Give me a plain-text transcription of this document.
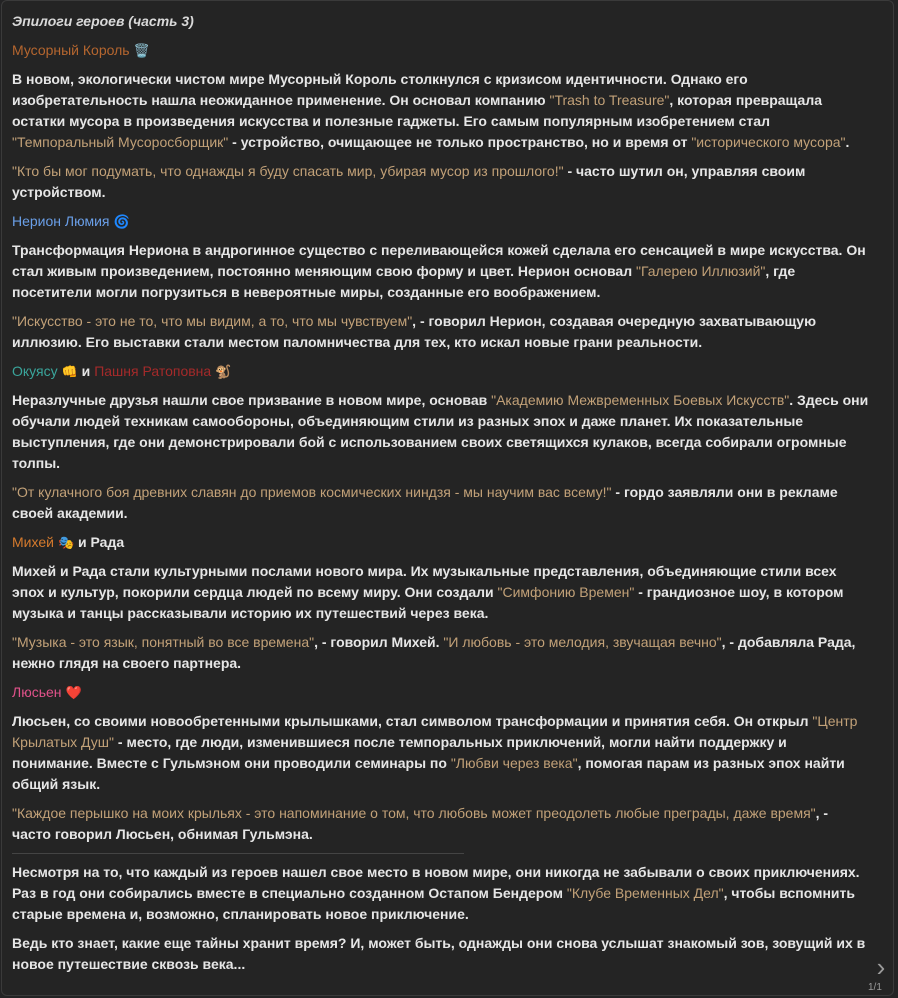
Эпилоги героев (часть 3)
Мусорный Король 🗑️

В новом, экологически чистом мире Мусорный Король столкнулся с кризисом идентичности. Однако его изобретательность нашла неожиданное применение. Он основал компанию "Trash to Treasure", которая превращала остатки мусора в произведения искусства и полезные гаджеты. Его самым популярным изобретением стал "Темпоральный Мусоросборщик" - устройство, очищающее не только пространство, но и время от "исторического мусора".

"Кто бы мог подумать, что однажды я буду спасать мир, убирая мусор из прошлого!" - часто шутил он, управляя своим устройством.

Нерион Люмия 🌀

Трансформация Нериона в андрогинное существо с переливающейся кожей сделала его сенсацией в мире искусства. Он стал живым произведением, постоянно меняющим свою форму и цвет. Нерион основал "Галерею Иллюзий", где посетители могли погрузиться в невероятные миры, созданные его воображением.

"Искусство - это не то, что мы видим, а то, что мы чувствуем", - говорил Нерион, создавая очередную захватывающую иллюзию. Его выставки стали местом паломничества для тех, кто искал новые грани реальности.

Окуясу 👊 и Пашня Ратоповна 🐒

Неразлучные друзья нашли свое призвание в новом мире, основав "Академию Межвременных Боевых Искусств". Здесь они обучали людей техникам самообороны, объединяющим стили из разных эпох и даже планет. Их показательные выступления, где они демонстрировали бой с использованием своих светящихся кулаков, всегда собирали огромные толпы.

"От кулачного боя древних славян до приемов космических ниндзя - мы научим вас всему!" - гордо заявляли они в рекламе своей академии.

Михей 🎭 и Рада

Михей и Рада стали культурными послами нового мира. Их музыкальные представления, объединяющие стили всех эпох и культур, покорили сердца людей по всему миру. Они создали "Симфонию Времен" - грандиозное шоу, в котором музыка и танцы рассказывали историю их путешествий через века.

"Музыка - это язык, понятный во все времена", - говорил Михей. "И любовь - это мелодия, звучащая вечно", - добавляла Рада, нежно глядя на своего партнера.

Люсьен ❤️

Люсьен, со своими новообретенными крылышками, стал символом трансформации и принятия себя. Он открыл "Центр Крылатых Душ" - место, где люди, изменившиеся после темпоральных приключений, могли найти поддержку и понимание. Вместе с Гульмэном они проводили семинары по "Любви через века", помогая парам из разных эпох найти общий язык.

"Каждое перышко на моих крыльях - это напоминание о том, что любовь может преодолеть любые преграды, даже время", - часто говорил Люсьен, обнимая Гульмэна.

Несмотря на то, что каждый из героев нашел свое место в новом мире, они никогда не забывали о своих приключениях. Раз в год они собирались вместе в специально созданном Остапом Бендером "Клубе Временных Дел", чтобы вспомнить старые времена и, возможно, спланировать новое приключение.

Ведь кто знает, какие еще тайны хранит время? И, может быть, однажды они снова услышат знакомый зов, зовущий их в новое путешествие сквозь века...	›
1/1
